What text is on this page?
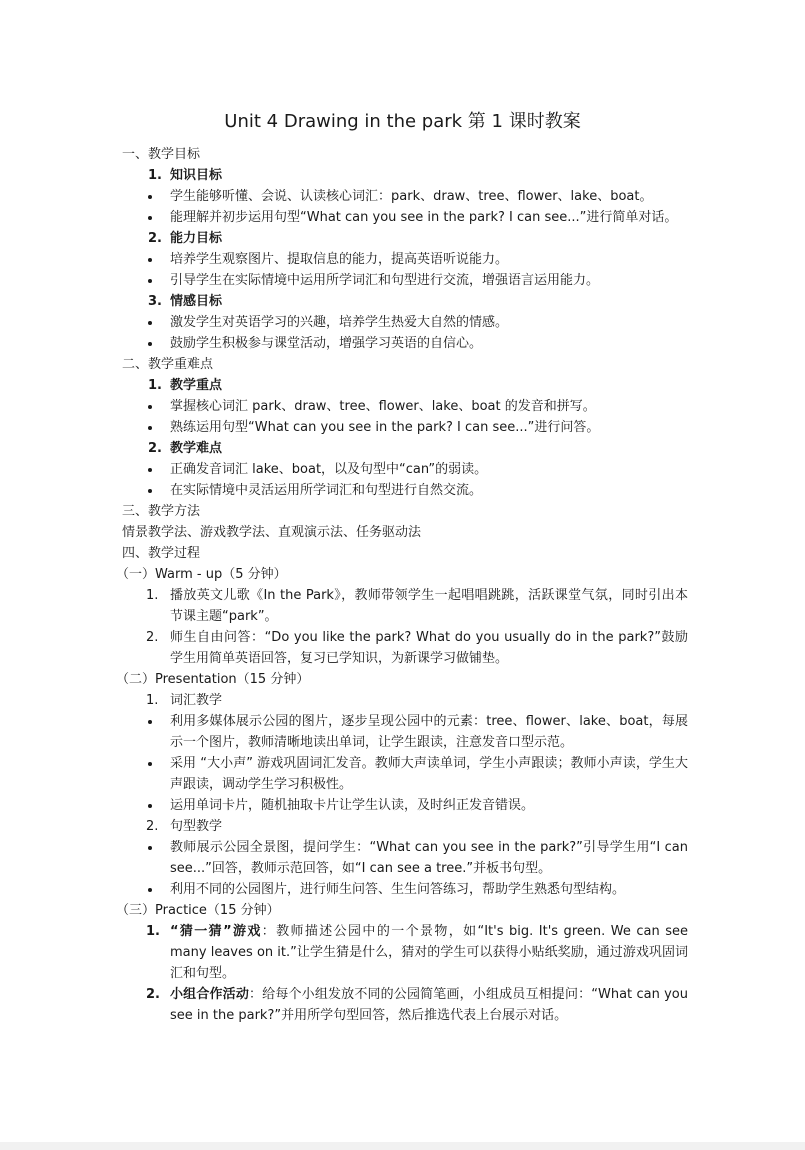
Unit 4 Drawing in the park 第 1 课时教案
一、教学目标
1. 知识目标
学生能够听懂、会说、认读核心词汇：park、draw、tree、flower、lake、boat。
能理解并初步运用句型“What can you see in the park? I can see...”进行简单对话。
2. 能力目标
培养学生观察图片、提取信息的能力，提高英语听说能力。
引导学生在实际情境中运用所学词汇和句型进行交流，增强语言运用能力。
3. 情感目标
激发学生对英语学习的兴趣，培养学生热爱大自然的情感。
鼓励学生积极参与课堂活动，增强学习英语的自信心。
二、教学重难点
1. 教学重点
掌握核心词汇 park、draw、tree、flower、lake、boat 的发音和拼写。
熟练运用句型“What can you see in the park? I can see...”进行问答。
2. 教学难点
正确发音词汇 lake、boat，以及句型中“can”的弱读。
在实际情境中灵活运用所学词汇和句型进行自然交流。
三、教学方法
情景教学法、游戏教学法、直观演示法、任务驱动法
四、教学过程
（一）Warm - up（5 分钟）
1. 播放英文儿歌《In the Park》，教师带领学生一起唱唱跳跳，活跃课堂气氛，同时引出本节课主题“park”。
2. 师生自由问答：“Do you like the park? What do you usually do in the park?”鼓励学生用简单英语回答，复习已学知识，为新课学习做铺垫。
（二）Presentation（15 分钟）
1. 词汇教学
利用多媒体展示公园的图片，逐步呈现公园中的元素：tree、flower、lake、boat，每展示一个图片，教师清晰地读出单词，让学生跟读，注意发音口型示范。
采用 “大小声” 游戏巩固词汇发音。教师大声读单词，学生小声跟读；教师小声读，学生大声跟读，调动学生学习积极性。
运用单词卡片，随机抽取卡片让学生认读，及时纠正发音错误。
2. 句型教学
教师展示公园全景图，提问学生：“What can you see in the park?”引导学生用“I can see...”回答，教师示范回答，如“I can see a tree.”并板书句型。
利用不同的公园图片，进行师生问答、生生问答练习，帮助学生熟悉句型结构。
（三）Practice（15 分钟）
1. “猜一猜”游戏：教师描述公园中的一个景物，如“It's big. It's green. We can see many leaves on it.”让学生猜是什么，猜对的学生可以获得小贴纸奖励，通过游戏巩固词汇和句型。
2. 小组合作活动：给每个小组发放不同的公园简笔画，小组成员互相提问：“What can you see in the park?”并用所学句型回答，然后推选代表上台展示对话。
